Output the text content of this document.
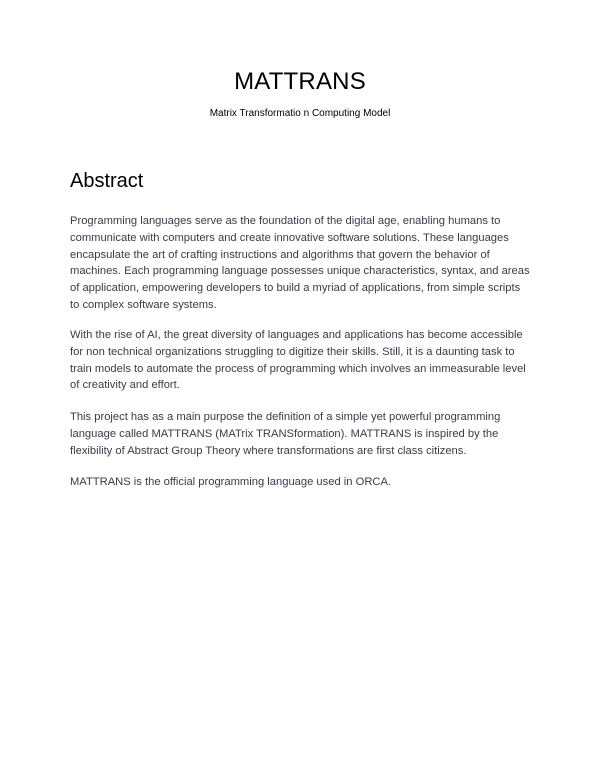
MATTRANS

Matrix Transformatio n Computing Model

Abstract

Programming languages serve as the foundation of the digital age, enabling humans to communicate with computers and create innovative software solutions. These languages encapsulate the art of crafting instructions and algorithms that govern the behavior of machines. Each programming language possesses unique characteristics, syntax, and areas of application, empowering developers to build a myriad of applications, from simple scripts to complex software systems.

With the rise of AI, the great diversity of languages and applications has become accessible for non technical organizations struggling to digitize their skills. Still, it is a daunting task to train models to automate the process of programming which involves an immeasurable level of creativity and effort.

This project has as a main purpose the definition of a simple yet powerful programming language called MATTRANS (MATrix TRANSformation). MATTRANS is inspired by the flexibility of Abstract Group Theory where transformations are first class citizens.

MATTRANS is the official programming language used in ORCA.
